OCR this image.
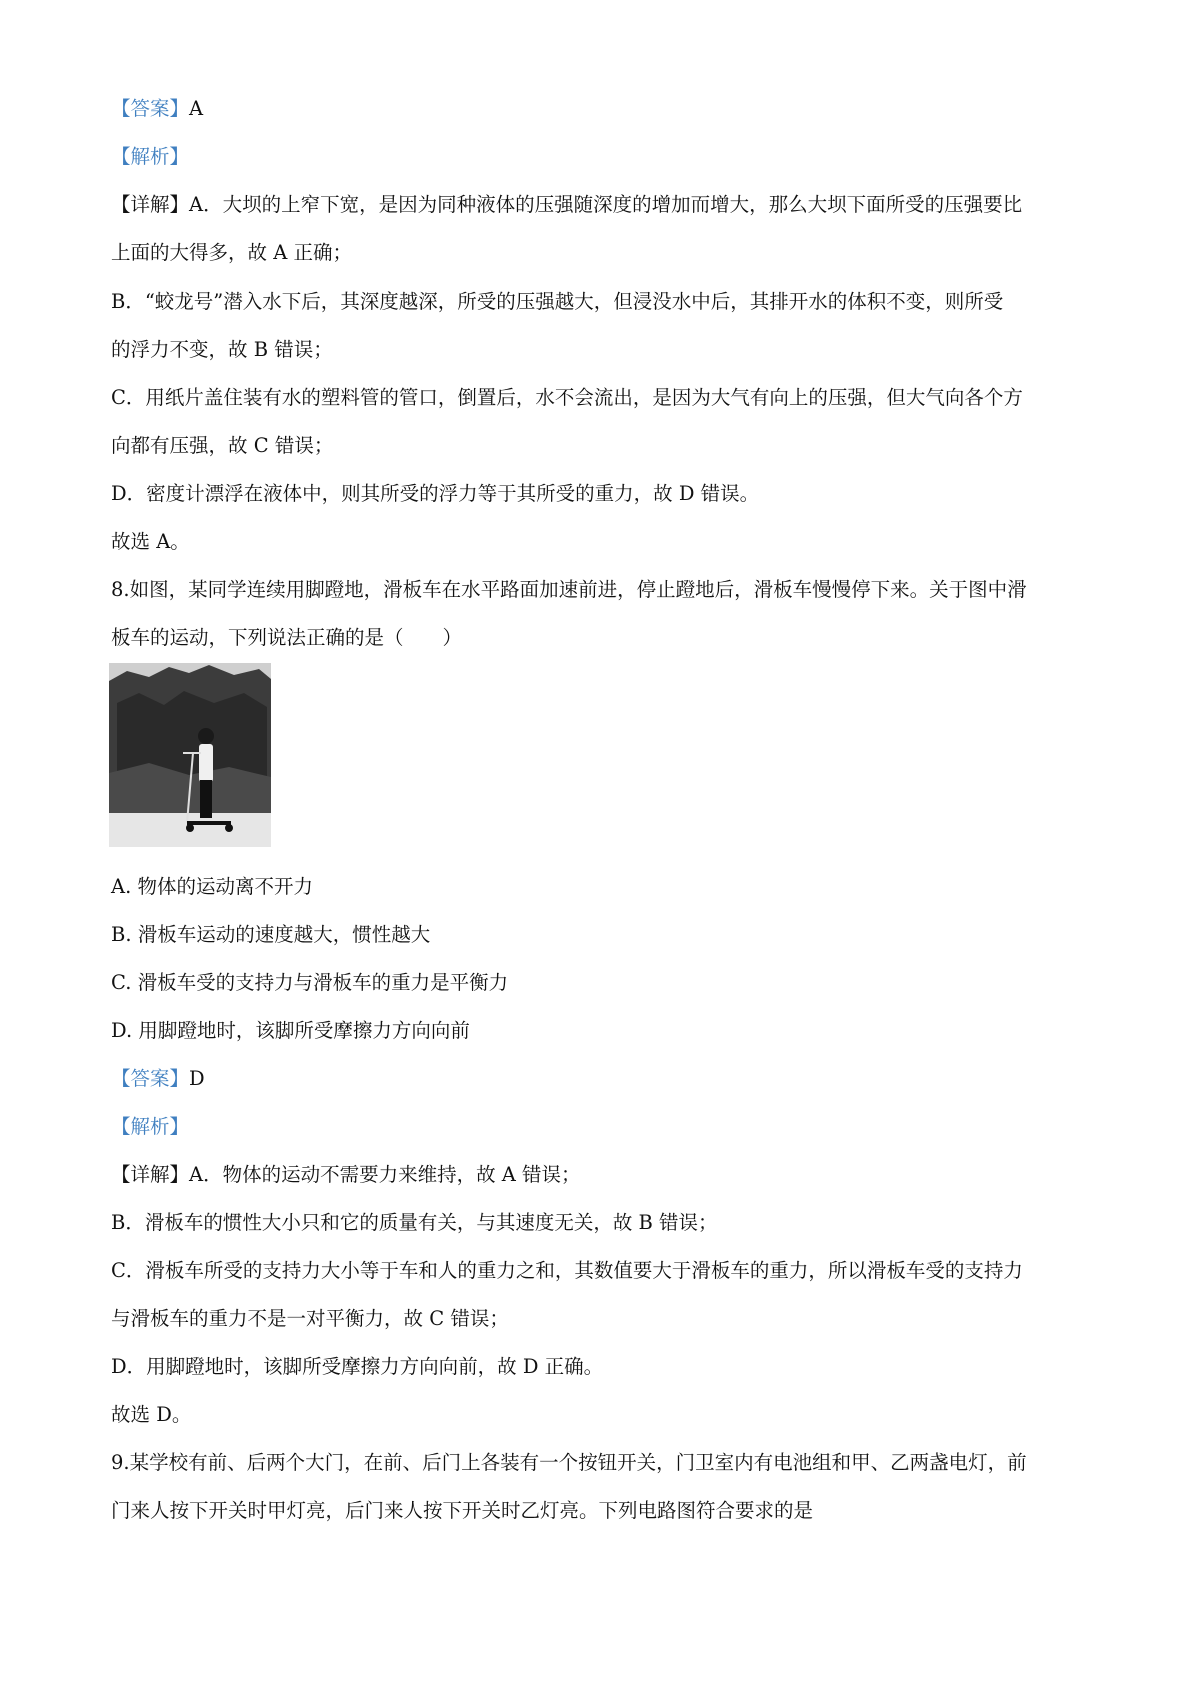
【答案】A
【解析】
【详解】A．大坝的上窄下宽，是因为同种液体的压强随深度的增加而增大，那么大坝下面所受的压强要比
上面的大得多，故 A 正确；
B．“蛟龙号”潜入水下后，其深度越深，所受的压强越大，但浸没水中后，其排开水的体积不变，则所受
的浮力不变，故 B 错误；
C．用纸片盖住装有水的塑料管的管口，倒置后，水不会流出，是因为大气有向上的压强，但大气向各个方
向都有压强，故 C 错误；
D．密度计漂浮在液体中，则其所受的浮力等于其所受的重力，故 D 错误。
故选 A。
8.如图，某同学连续用脚蹬地，滑板车在水平路面加速前进，停止蹬地后，滑板车慢慢停下来。关于图中滑
板车的运动，下列说法正确的是（　　）
A. 物体的运动离不开力
B. 滑板车运动的速度越大，惯性越大
C. 滑板车受的支持力与滑板车的重力是平衡力
D. 用脚蹬地时，该脚所受摩擦力方向向前
【答案】D
【解析】
【详解】A．物体的运动不需要力来维持，故 A 错误；
B．滑板车的惯性大小只和它的质量有关，与其速度无关，故 B 错误；
C．滑板车所受的支持力大小等于车和人的重力之和，其数值要大于滑板车的重力，所以滑板车受的支持力
与滑板车的重力不是一对平衡力，故 C 错误；
D．用脚蹬地时，该脚所受摩擦力方向向前，故 D 正确。
故选 D。
9.某学校有前、后两个大门，在前、后门上各装有一个按钮开关，门卫室内有电池组和甲、乙两盏电灯，前
门来人按下开关时甲灯亮，后门来人按下开关时乙灯亮。下列电路图符合要求的是
